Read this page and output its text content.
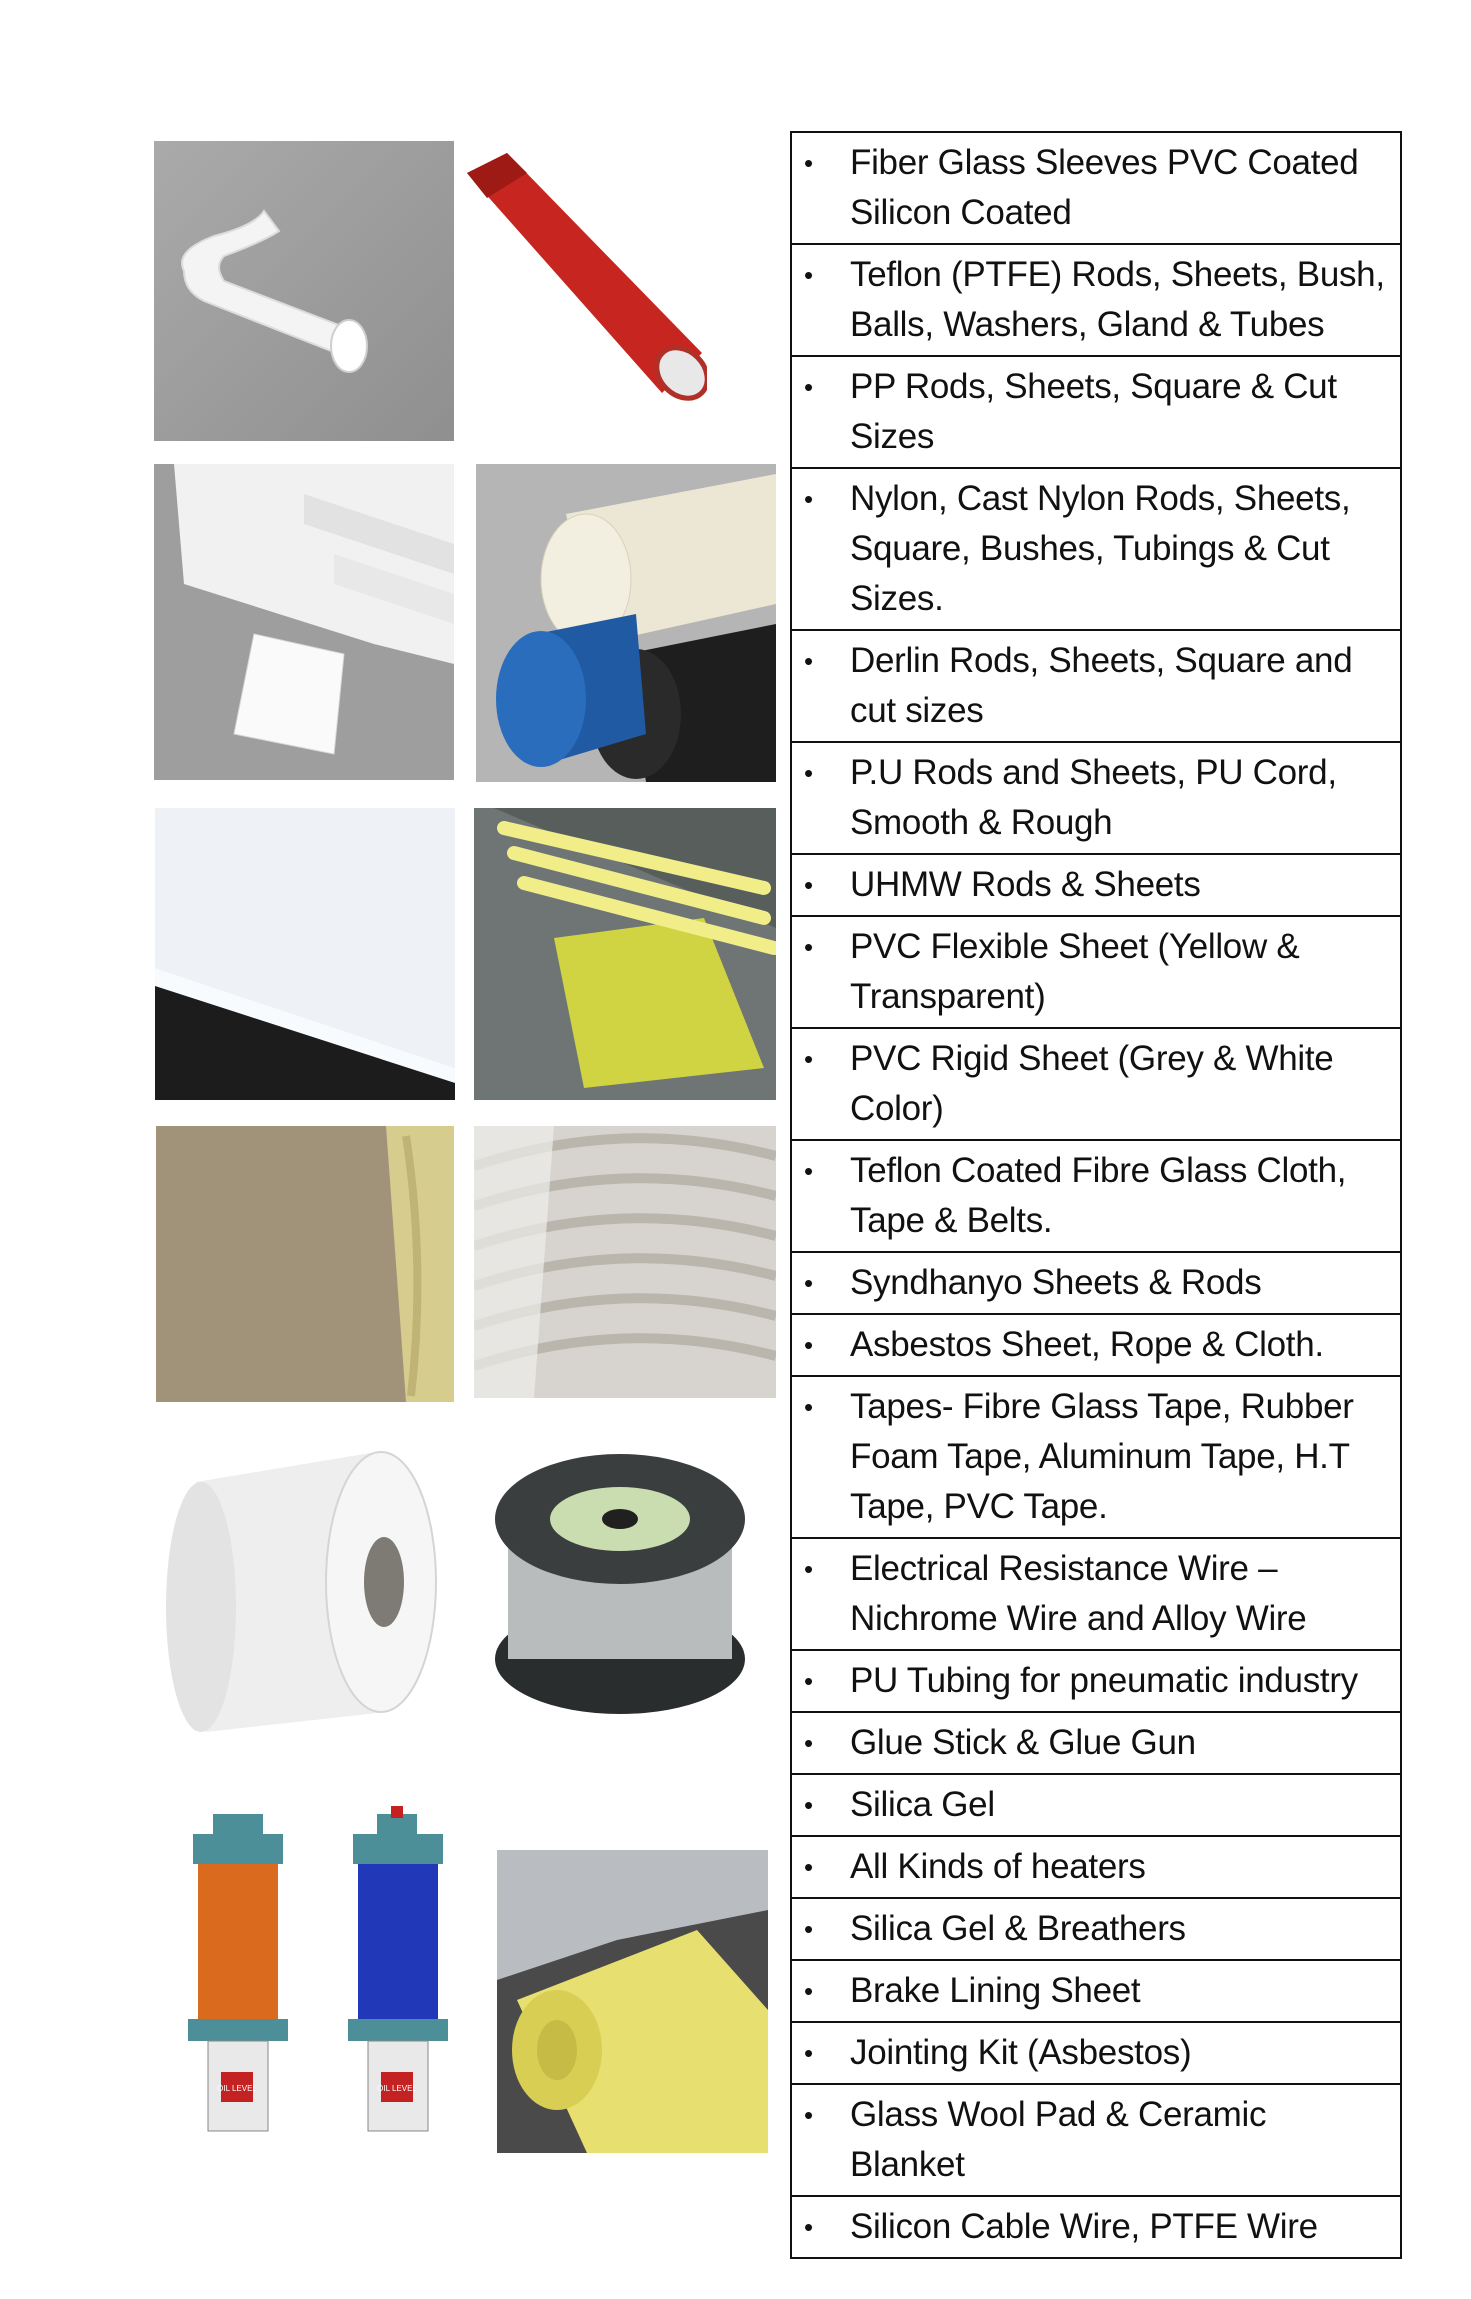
OIL LEVEL	OIL LEVEL
•	Fiber Glass Sleeves PVC Coated Silicon Coated

•	Teflon (PTFE) Rods, Sheets, Bush, Balls, Washers, Gland & Tubes

•	PP Rods, Sheets, Square & Cut Sizes

•	Nylon, Cast Nylon Rods, Sheets, Square, Bushes, Tubings & Cut Sizes.

•	Derlin Rods, Sheets, Square and cut sizes

•	P.U Rods and Sheets, PU Cord, Smooth & Rough

•	UHMW Rods & Sheets

•	PVC Flexible Sheet (Yellow & Transparent)

•	PVC Rigid Sheet (Grey & White Color)

•	Teflon Coated Fibre Glass Cloth, Tape & Belts.

•	Syndhanyo Sheets & Rods

•	Asbestos Sheet, Rope & Cloth.

•	Tapes- Fibre Glass Tape, Rubber Foam Tape, Aluminum Tape, H.T Tape, PVC Tape.

•	Electrical Resistance Wire – Nichrome Wire and Alloy Wire

•	PU Tubing for pneumatic industry

•	Glue Stick & Glue Gun

•	Silica Gel

•	All Kinds of heaters

•	Silica Gel & Breathers

•	Brake Lining Sheet

•	Jointing Kit (Asbestos)

•	Glass Wool Pad & Ceramic Blanket

•	Silicon Cable Wire, PTFE Wire
